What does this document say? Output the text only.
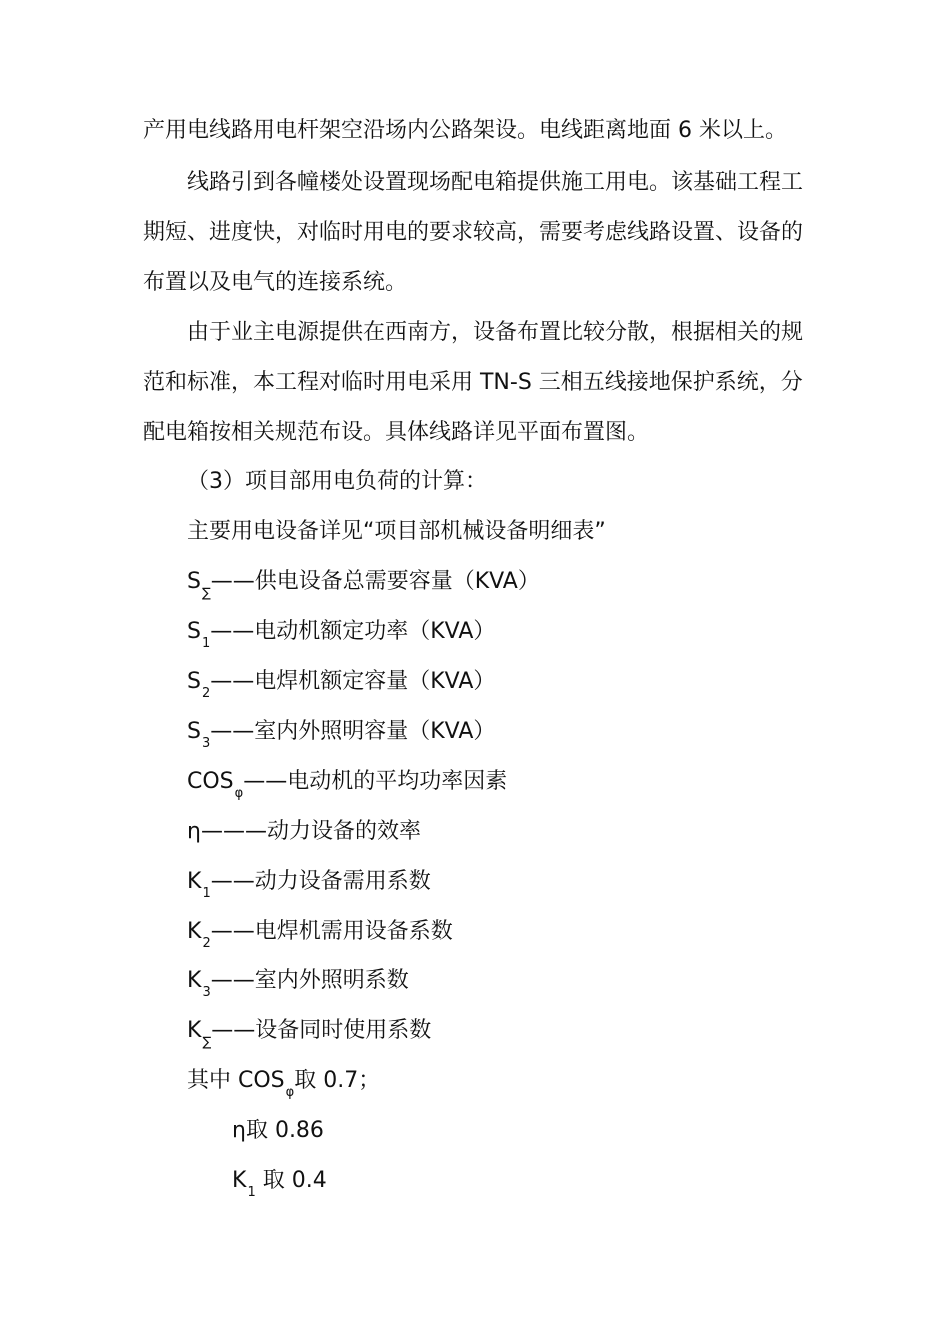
产用电线路用电杆架空沿场内公路架设。电线距离地面 6 米以上。
线路引到各幢楼处设置现场配电箱提供施工用电。该基础工程工
期短、进度快，对临时用电的要求较高，需要考虑线路设置、设备的
布置以及电气的连接系统。
由于业主电源提供在西南方，设备布置比较分散，根据相关的规
范和标准，本工程对临时用电采用 TN-S 三相五线接地保护系统，分
配电箱按相关规范布设。具体线路详见平面布置图。
（3）项目部用电负荷的计算：
主要用电设备详见“项目部机械设备明细表”
$S_\sum——$供电设备总需要容量（KVA）
$S_1——$电动机额定功率（KVA）
$S_2——$电焊机额定容量（KVA）
$S_3——$室内外照明容量（KVA）
$COS_\varphi——$电动机的平均功率因素
η———动力设备的效率
$K_1——$动力设备需用系数
$K_2——$电焊机需用设备系数
$K_3——$室内外照明系数
$K_\sum——$设备同时使用系数
其中 $COS_\varphi$取 0.7；
η取 0.86
$K_1$ 取 0.4
